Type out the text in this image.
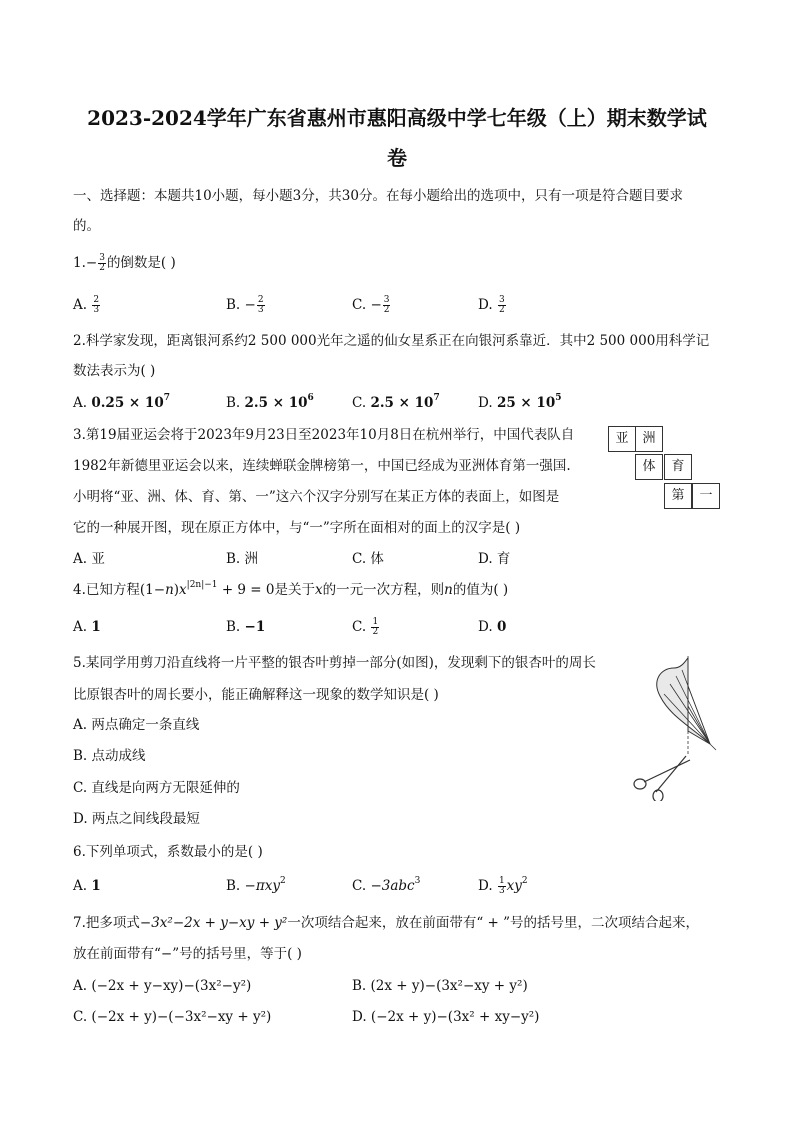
2023-2024学年广东省惠州市惠阳高级中学七年级（上）期末数学试
卷
一、选择题：本题共10小题，每小题3分，共30分。在每小题给出的选项中，只有一项是符合题目要求
的。
$1.- \frac{3}{2}$ 的倒数是( )
A. $\frac{2}{3}$	B. − $\frac{2}{3}$	C. − $\frac{3}{2}$	D. $\frac{3}{2}$
2.科学家发现，距离银河系约2 500 000光年之遥的仙女星系正在向银河系靠近．其中2 500 000用科学记
数法表示为( )
A. $0.25 \times 10^7$	B. $2.5 \times 10^6$	C. $2.5 \times 10^7$	D. $25 \times 10^5$
3.第19届亚运会将于2023年9月23日至2023年10月8日在杭州举行，中国代表队自
1982年新德里亚运会以来，连续蝉联金牌榜第一，中国已经成为亚洲体育第一强国.
小明将“亚、洲、体、育、第、一”这六个汉字分别写在某正方体的表面上，如图是
它的一种展开图，现在原正方体中，与“一”字所在面相对的面上的汉字是( )
A. 亚	B. 洲	C. 体	D. 育
亚	洲
体	育
第	一
4.已知方程$(1-n)x^{|2n|-1} + 9 = 0$是关于x的一元一次方程，则n的值为( )
A. 1	B. −1	C. $\frac{1}{2}$	D. 0
5.某同学用剪刀沿直线将一片平整的银杏叶剪掉一部分(如图)，发现剩下的银杏叶的周长
比原银杏叶的周长要小，能正确解释这一现象的数学知识是( )
A. 两点确定一条直线
B. 点动成线
C. 直线是向两方无限延伸的
D. 两点之间线段最短
6.下列单项式，系数最小的是( )
A. 1	B. −πxy$^2$	C. −3abc$^3$	D. $\frac{1}{3} xy^2$
7.把多项式−3x²−2x + y−xy + y²一次项结合起来，放在前面带有“ + ”号的括号里，二次项结合起来，
放在前面带有“−”号的括号里，等于( )
A. (−2x + y−xy)−(3x²−y²)	B. (2x + y)−(3x²−xy + y²)
C. (−2x + y)−(−3x²−xy + y²)	D. (−2x + y)−(3x² + xy−y²)
